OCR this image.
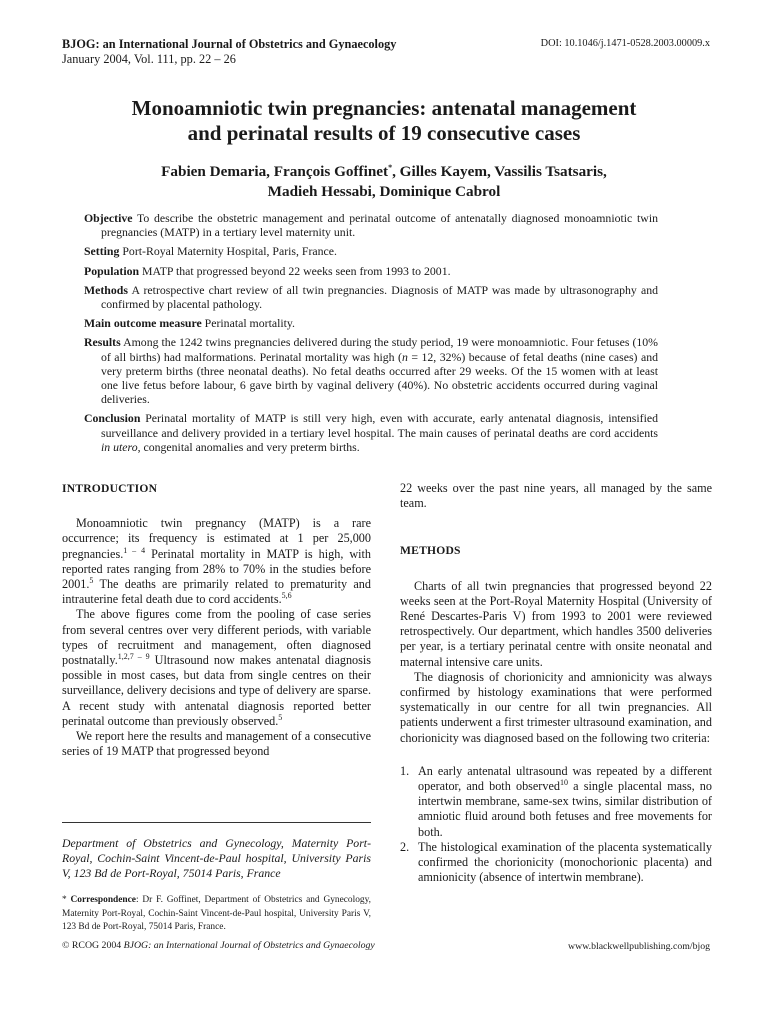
BJOG: an International Journal of Obstetrics and Gynaecology
January 2004, Vol. 111, pp. 22 – 26
DOI: 10.1046/j.1471-0528.2003.00009.x
Monoamniotic twin pregnancies: antenatal management
and perinatal results of 19 consecutive cases
Fabien Demaria, François Goffinet*, Gilles Kayem, Vassilis Tsatsaris,
Madieh Hessabi, Dominique Cabrol

Objective To describe the obstetric management and perinatal outcome of antenatally diagnosed monoamniotic twin pregnancies (MATP) in a tertiary level maternity unit.

Setting Port-Royal Maternity Hospital, Paris, France.

Population MATP that progressed beyond 22 weeks seen from 1993 to 2001.

Methods A retrospective chart review of all twin pregnancies. Diagnosis of MATP was made by ultrasonography and confirmed by placental pathology.

Main outcome measure Perinatal mortality.

Results Among the 1242 twins pregnancies delivered during the study period, 19 were monoamniotic. Four fetuses (10% of all births) had malformations. Perinatal mortality was high (n = 12, 32%) because of fetal deaths (nine cases) and very preterm births (three neonatal deaths). No fetal deaths occurred after 29 weeks. Of the 15 women with at least one live fetus before labour, 6 gave birth by vaginal delivery (40%). No obstetric accidents occurred during vaginal deliveries.

Conclusion Perinatal mortality of MATP is still very high, even with accurate, early antenatal diagnosis, intensified surveillance and delivery provided in a tertiary level hospital. The main causes of perinatal deaths are cord accidents in utero, congenital anomalies and very preterm births.

INTRODUCTION

Monoamniotic twin pregnancy (MATP) is a rare occurrence; its frequency is estimated at 1 per 25,000 pregnancies.$^{1 - 4}$ Perinatal mortality in MATP is high, with reported rates ranging from 28% to 70% in the studies before 2001.$^5$ The deaths are primarily related to prematurity and intrauterine fetal death due to cord accidents.$^{5,6}$

The above figures come from the pooling of case series from several centres over very different periods, with variable types of recruitment and management, often diagnosed postnatally.$^{1,2,7 - 9}$ Ultrasound now makes antenatal diagnosis possible in most cases, but data from single centres on their surveillance, delivery decisions and type of delivery are sparse. A recent study with antenatal diagnosis reported better perinatal outcome than previously observed.$^5$

We report here the results and management of a consecutive series of 19 MATP that progressed beyond

Department of Obstetrics and Gynecology, Maternity Port-Royal, Cochin-Saint Vincent-de-Paul hospital, University Paris V, 123 Bd de Port-Royal, 75014 Paris, France
* Correspondence: Dr F. Goffinet, Department of Obstetrics and Gynecology, Maternity Port-Royal, Cochin-Saint Vincent-de-Paul hospital, University Paris V, 123 Bd de Port-Royal, 75014 Paris, France.

22 weeks over the past nine years, all managed by the same team.

METHODS

Charts of all twin pregnancies that progressed beyond 22 weeks seen at the Port-Royal Maternity Hospital (University of René Descartes-Paris V) from 1993 to 2001 were reviewed retrospectively. Our department, which handles 3500 deliveries per year, is a tertiary perinatal centre with onsite neonatal and maternal intensive care units.

The diagnosis of chorionicity and amnionicity was always confirmed by histology examinations that were performed systematically in our centre for all twin pregnancies. All patients underwent a first trimester ultrasound examination, and chorionicity was diagnosed based on the following two criteria:

1. An early antenatal ultrasound was repeated by a different operator, and both observed$^{10}$ a single placental mass, no intertwin membrane, same-sex twins, similar distribution of amniotic fluid around both fetuses and free movements for both.
2. The histological examination of the placenta systematically confirmed the chorionicity (monochorionic placenta) and amnionicity (absence of intertwin membrane).
© RCOG 2004 BJOG: an International Journal of Obstetrics and Gynaecology	www.blackwellpublishing.com/bjog
